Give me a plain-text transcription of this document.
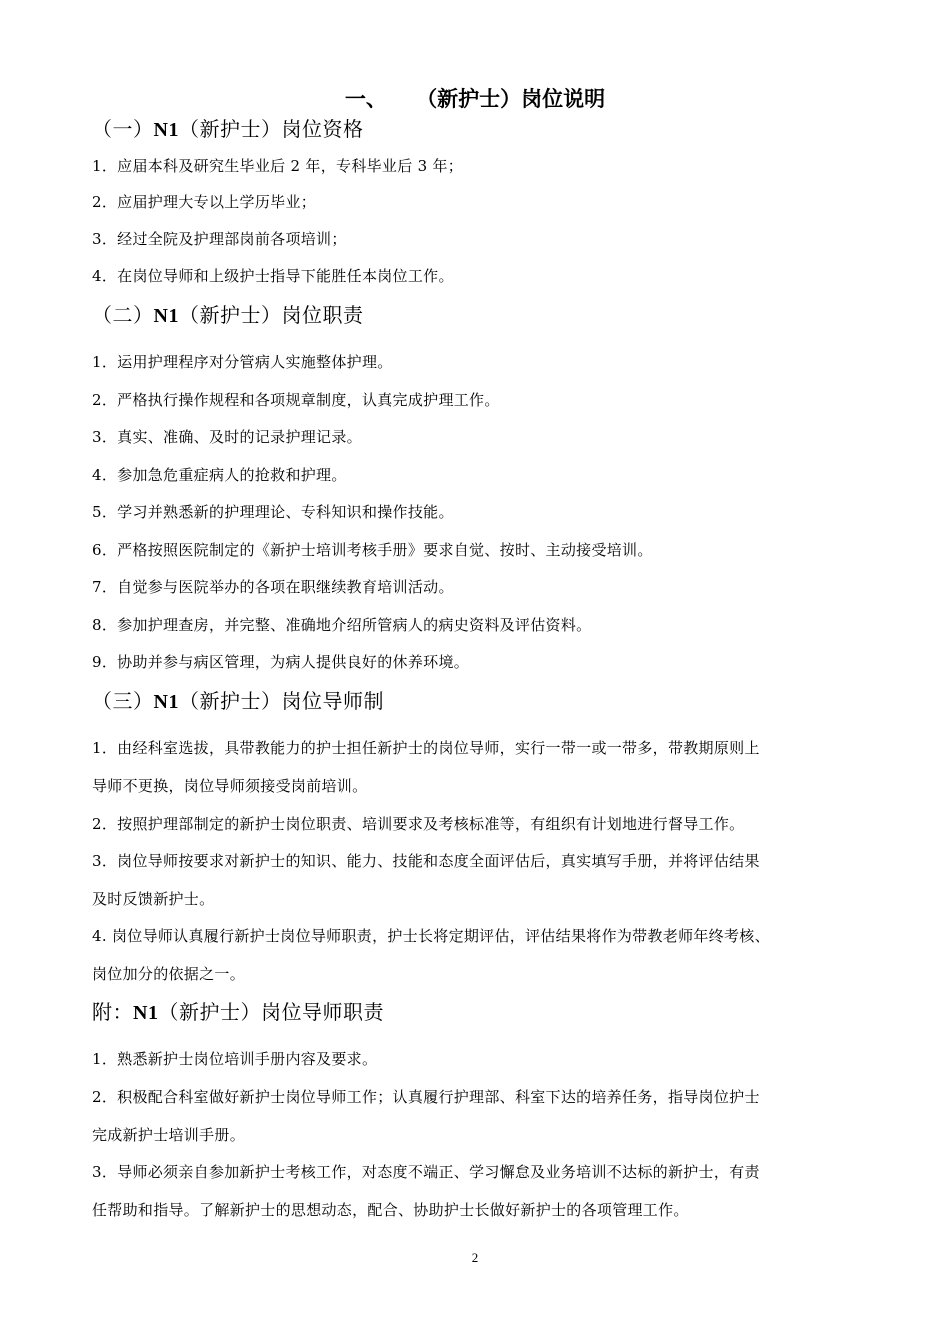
一、    （新护士）岗位说明
（一）N1（新护士）岗位资格
1．应届本科及研究生毕业后 2 年，专科毕业后 3 年；
2．应届护理大专以上学历毕业；
3．经过全院及护理部岗前各项培训；
4．在岗位导师和上级护士指导下能胜任本岗位工作。
（二）N1（新护士）岗位职责
1．运用护理程序对分管病人实施整体护理。
2．严格执行操作规程和各项规章制度，认真完成护理工作。
3．真实、准确、及时的记录护理记录。
4．参加急危重症病人的抢救和护理。
5．学习并熟悉新的护理理论、专科知识和操作技能。
6．严格按照医院制定的《新护士培训考核手册》要求自觉、按时、主动接受培训。
7．自觉参与医院举办的各项在职继续教育培训活动。
8．参加护理查房，并完整、准确地介绍所管病人的病史资料及评估资料。
9．协助并参与病区管理，为病人提供良好的休养环境。
（三）N1（新护士）岗位导师制
1．由经科室选拔，具带教能力的护士担任新护士的岗位导师，实行一带一或一带多，带教期原则上
导师不更换，岗位导师须接受岗前培训。
2．按照护理部制定的新护士岗位职责、培训要求及考核标准等，有组织有计划地进行督导工作。
3．岗位导师按要求对新护士的知识、能力、技能和态度全面评估后，真实填写手册，并将评估结果
及时反馈新护士。
4. 岗位导师认真履行新护士岗位导师职责，护士长将定期评估，评估结果将作为带教老师年终考核、
岗位加分的依据之一。
附：N1（新护士）岗位导师职责
1．熟悉新护士岗位培训手册内容及要求。
2．积极配合科室做好新护士岗位导师工作；认真履行护理部、科室下达的培养任务，指导岗位护士
完成新护士培训手册。
3．导师必须亲自参加新护士考核工作，对态度不端正、学习懈怠及业务培训不达标的新护士，有责
任帮助和指导。了解新护士的思想动态，配合、协助护士长做好新护士的各项管理工作。
2
